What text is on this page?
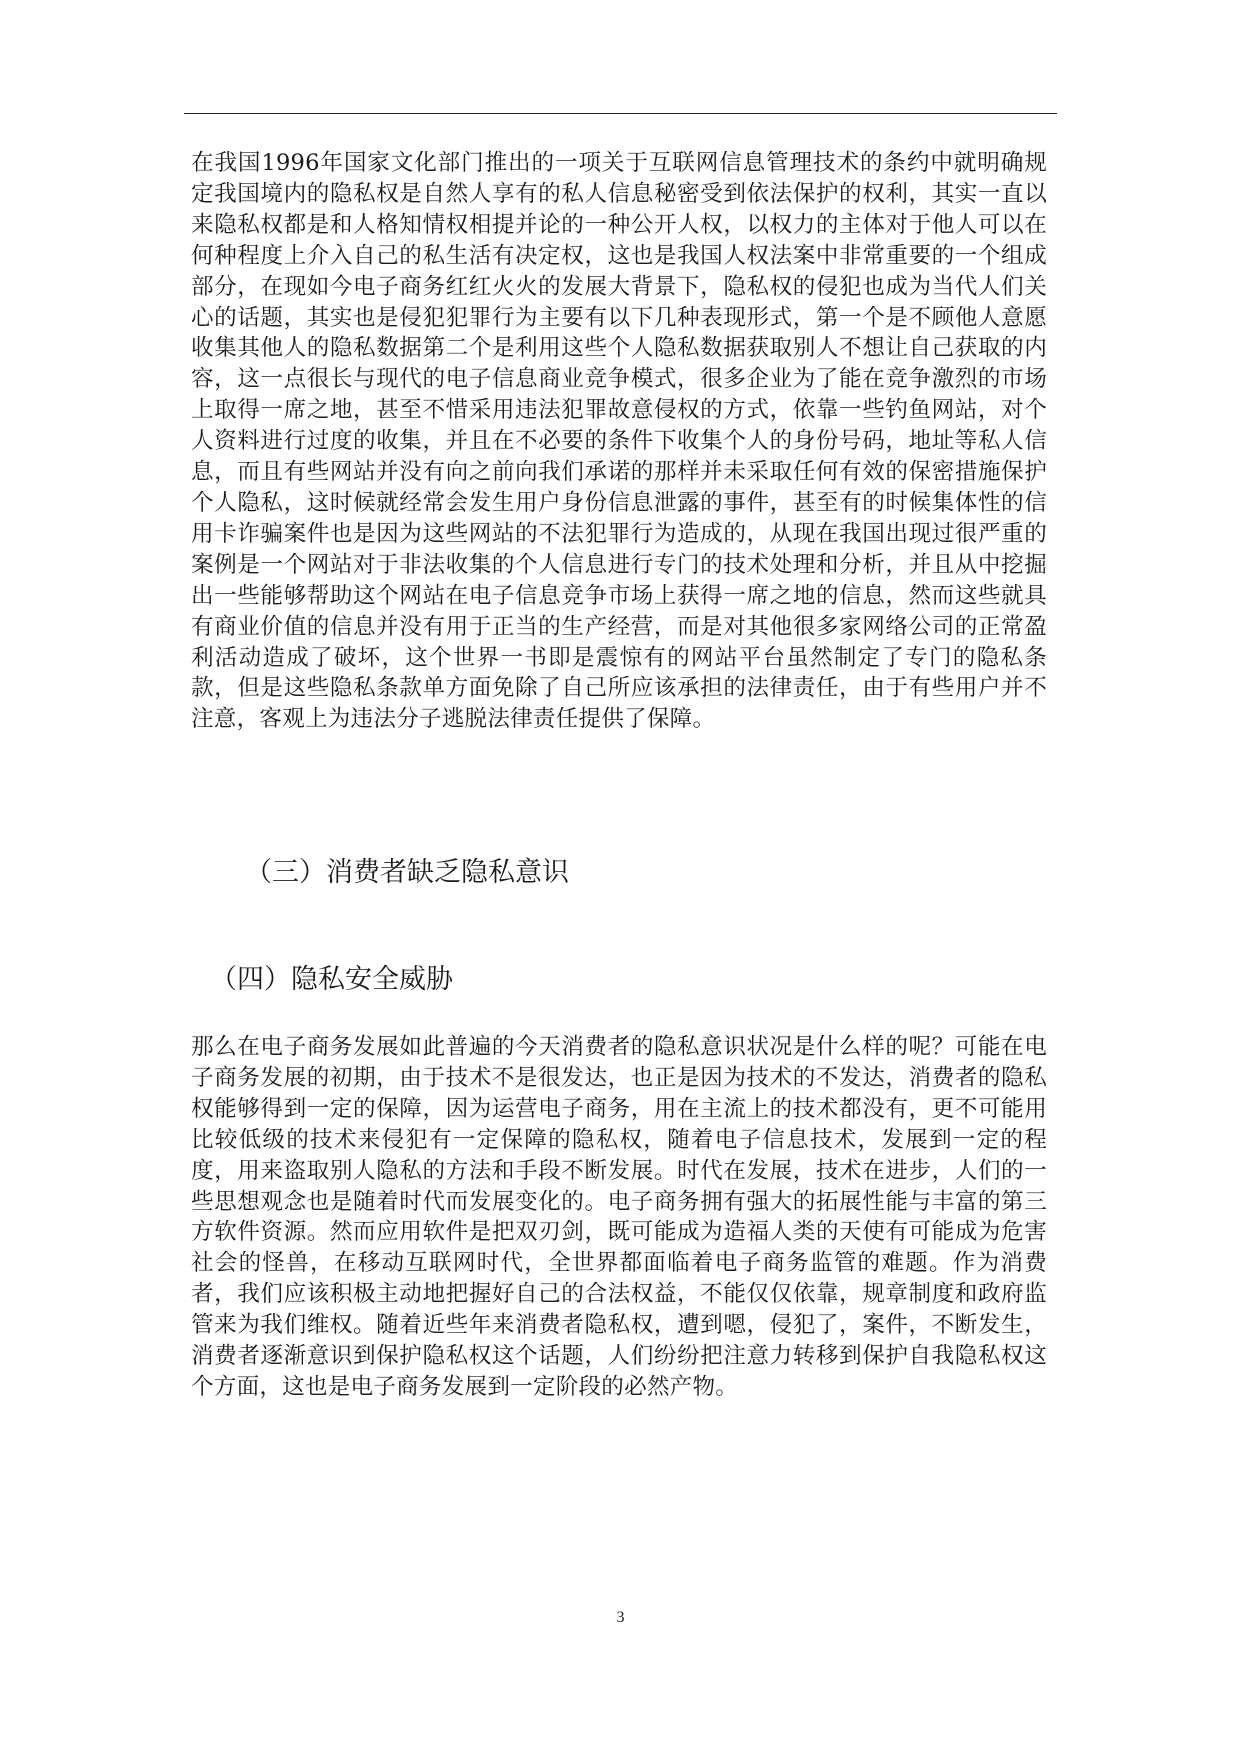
在我国1996年国家文化部门推出的一项关于互联网信息管理技术的条约中就明确规定我国境内的隐私权是自然人享有的私人信息秘密受到依法保护的权利，其实一直以来隐私权都是和人格知情权相提并论的一种公开人权，以权力的主体对于他人可以在何种程度上介入自己的私生活有决定权，这也是我国人权法案中非常重要的一个组成部分，在现如今电子商务红红火火的发展大背景下，隐私权的侵犯也成为当代人们关心的话题，其实也是侵犯犯罪行为主要有以下几种表现形式，第一个是不顾他人意愿收集其他人的隐私数据第二个是利用这些个人隐私数据获取别人不想让自己获取的内容，这一点很长与现代的电子信息商业竞争模式，很多企业为了能在竞争激烈的市场上取得一席之地，甚至不惜采用违法犯罪故意侵权的方式，依靠一些钓鱼网站，对个人资料进行过度的收集，并且在不必要的条件下收集个人的身份号码，地址等私人信息，而且有些网站并没有向之前向我们承诺的那样并未采取任何有效的保密措施保护个人隐私，这时候就经常会发生用户身份信息泄露的事件，甚至有的时候集体性的信用卡诈骗案件也是因为这些网站的不法犯罪行为造成的，从现在我国出现过很严重的案例是一个网站对于非法收集的个人信息进行专门的技术处理和分析，并且从中挖掘出一些能够帮助这个网站在电子信息竞争市场上获得一席之地的信息，然而这些就具有商业价值的信息并没有用于正当的生产经营，而是对其他很多家网络公司的正常盈利活动造成了破坏，这个世界一书即是震惊有的网站平台虽然制定了专门的隐私条款，但是这些隐私条款单方面免除了自己所应该承担的法律责任，由于有些用户并不注意，客观上为违法分子逃脱法律责任提供了保障。

（三）消费者缺乏隐私意识
（四）隐私安全威胁

那么在电子商务发展如此普遍的今天消费者的隐私意识状况是什么样的呢？可能在电子商务发展的初期，由于技术不是很发达，也正是因为技术的不发达，消费者的隐私权能够得到一定的保障，因为运营电子商务，用在主流上的技术都没有，更不可能用比较低级的技术来侵犯有一定保障的隐私权，随着电子信息技术，发展到一定的程度，用来盗取别人隐私的方法和手段不断发展。时代在发展，技术在进步，人们的一些思想观念也是随着时代而发展变化的。电子商务拥有强大的拓展性能与丰富的第三方软件资源。然而应用软件是把双刃剑，既可能成为造福人类的天使有可能成为危害社会的怪兽，在移动互联网时代，全世界都面临着电子商务监管的难题。作为消费者，我们应该积极主动地把握好自己的合法权益，不能仅仅依靠，规章制度和政府监管来为我们维权。随着近些年来消费者隐私权，遭到嗯，侵犯了，案件，不断发生，消费者逐渐意识到保护隐私权这个话题，人们纷纷把注意力转移到保护自我隐私权这个方面，这也是电子商务发展到一定阶段的必然产物。

3
